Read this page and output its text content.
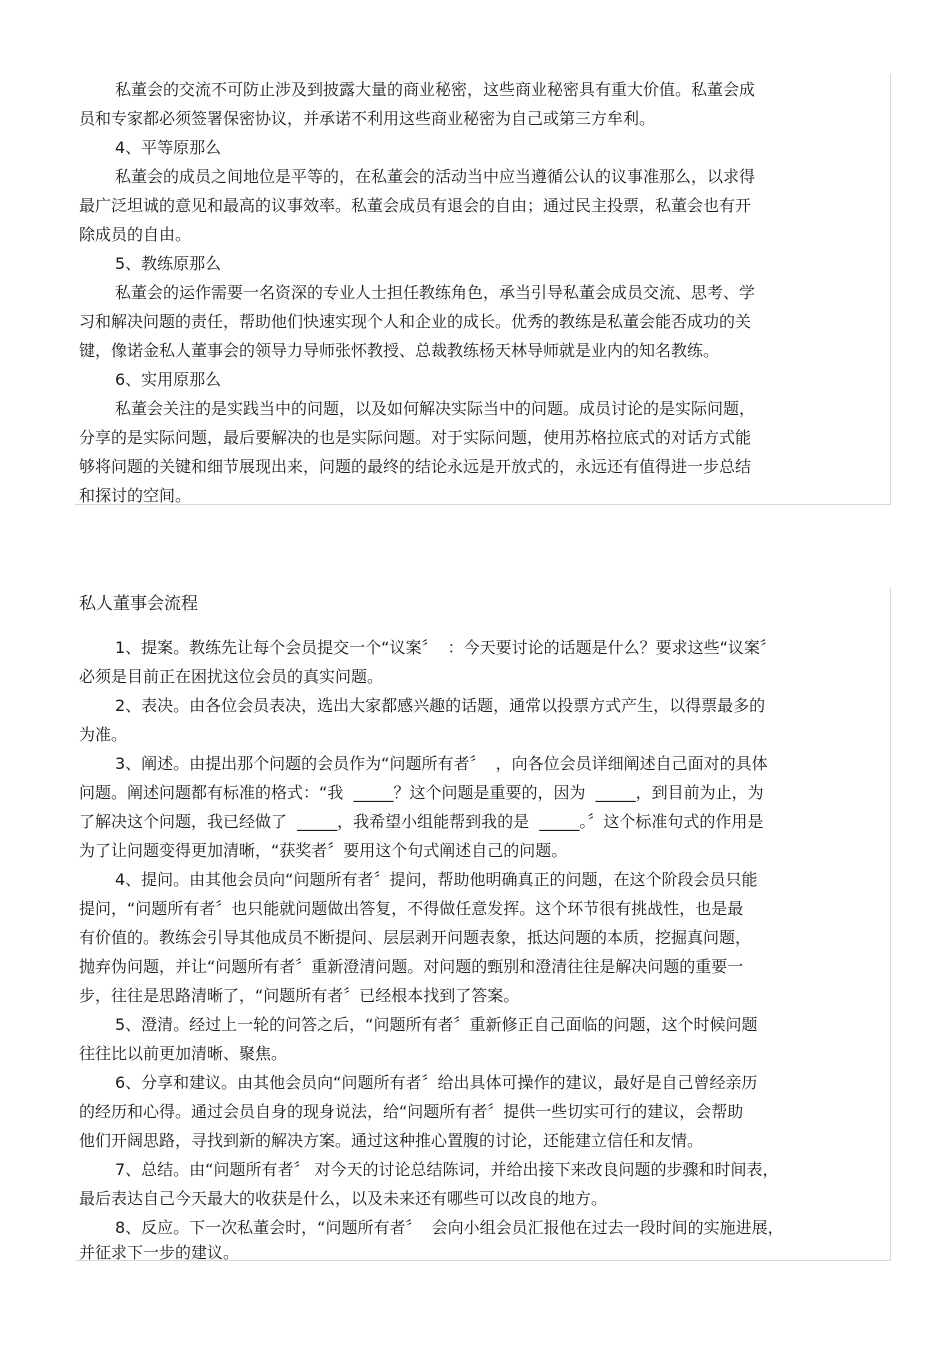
私董会的交流不可防止涉及到披露大量的商业秘密，这些商业秘密具有重大价值。私董会成
员和专家都必须签署保密协议，并承诺不利用这些商业秘密为自己或第三方牟利。
4、平等原那么
私董会的成员之间地位是平等的，在私董会的活动当中应当遵循公认的议事准那么，以求得
最广泛坦诚的意见和最高的议事效率。私董会成员有退会的自由；通过民主投票，私董会也有开
除成员的自由。
5、教练原那么
私董会的运作需要一名资深的专业人士担任教练角色，承当引导私董会成员交流、思考、学
习和解决问题的责任，帮助他们快速实现个人和企业的成长。优秀的教练是私董会能否成功的关
键，像诺金私人董事会的领导力导师张怀教授、总裁教练杨天林导师就是业内的知名教练。
6、实用原那么
私董会关注的是实践当中的问题，以及如何解决实际当中的问题。成员讨论的是实际问题，
分享的是实际问题，最后要解决的也是实际问题。对于实际问题，使用苏格拉底式的对话方式能
够将问题的关键和细节展现出来，问题的最终的结论永远是开放式的，永远还有值得进一步总结
和探讨的空间。
私人董事会流程
1、提案。教练先让每个会员提交一个“议案〞  ：今天要讨论的话题是什么？要求这些“议案〞
必须是目前正在困扰这位会员的真实问题。
2、表决。由各位会员表决，选出大家都感兴趣的话题，通常以投票方式产生，以得票最多的
为准。
3、阐述。由提出那个问题的会员作为“问题所有者〞  ，向各位会员详细阐述自己面对的具体
问题。阐述问题都有标准的格式：“我  _____？这个问题是重要的，因为  _____，到目前为止，为
了解决这个问题，我已经做了  _____，我希望小组能帮到我的是  _____。〞这个标准句式的作用是
为了让问题变得更加清晰，“获奖者〞要用这个句式阐述自己的问题。
4、提问。由其他会员向“问题所有者〞提问，帮助他明确真正的问题，在这个阶段会员只能
提问，“问题所有者〞也只能就问题做出答复，不得做任意发挥。这个环节很有挑战性，也是最
有价值的。教练会引导其他成员不断提问、层层剥开问题表象，抵达问题的本质，挖掘真问题，
抛弃伪问题，并让“问题所有者〞重新澄清问题。对问题的甄别和澄清往往是解决问题的重要一
步，往往是思路清晰了，“问题所有者〞已经根本找到了答案。
5、澄清。经过上一轮的问答之后，“问题所有者〞重新修正自己面临的问题，这个时候问题
往往比以前更加清晰、聚焦。
6、分享和建议。由其他会员向“问题所有者〞给出具体可操作的建议，最好是自己曾经亲历
的经历和心得。通过会员自身的现身说法，给“问题所有者〞提供一些切实可行的建议，会帮助
他们开阔思路，寻找到新的解决方案。通过这种推心置腹的讨论，还能建立信任和友情。
7、总结。由“问题所有者〞 对今天的讨论总结陈词，并给出接下来改良问题的步骤和时间表，
最后表达自己今天最大的收获是什么，以及未来还有哪些可以改良的地方。
8、反应。下一次私董会时，“问题所有者〞  会向小组会员汇报他在过去一段时间的实施进展，
并征求下一步的建议。
